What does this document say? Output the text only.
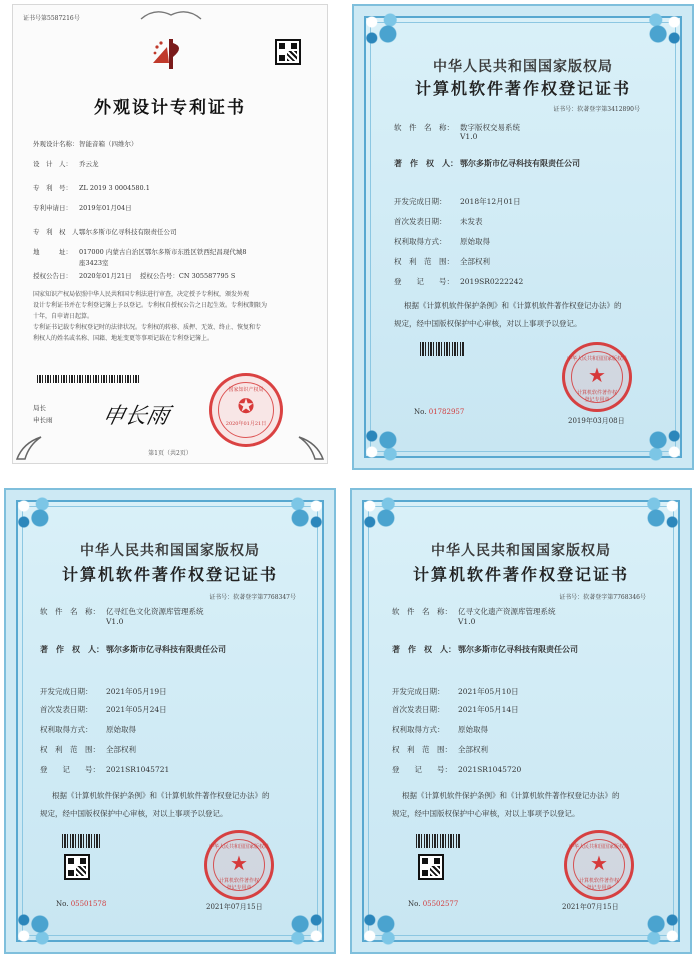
证书号第5587216号
外观设计专利证书
外观设计名称：智能音箱（四维尔）
设　计　人： 乔云龙
专　利　号： ZL 2019 3 0004580.1
专利申请日： 2019年01月04日
专　利　权　人：鄂尔多斯市亿寻科技有限责任公司
地　　　址： 017000 内蒙古自治区鄂尔多斯市东胜区铁西纪昌现代城8
座3423室
授权公告日： 2020年01月21日 授权公告号：CN 305587795 S
国家知识产权局依照中华人民共和国专利法进行审查，决定授予专利权，颁发外观
设计专利证书并在专利登记簿上予以登记。专利权自授权公告之日起生效。专利权期限为
十年，自申请日起算。
专利证书记载专利权登记时的法律状况。专利权的转移、质押、无效、终止、恢复和专
利权人的姓名或名称、国籍、地址变更等事项记载在专利登记簿上。
局长
申长雨 申长雨
国家知识产权局
✪
2020年01月21日
第1页（共2页）
中华人民共和国国家版权局
计算机软件著作权登记证书
证书号：软著登字第3412890号
软　件　名　称： 数字版权交易系统
V1.0
著　作　权　人： 鄂尔多斯市亿寻科技有限责任公司
开发完成日期： 2018年12月01日
首次发表日期： 未发表
权利取得方式： 原始取得
权　利　范　围： 全部权利
登　　记　　号： 2019SR0222242
根据《计算机软件保护条例》和《计算机软件著作权登记办法》的
规定，经中国版权保护中心审核，对以上事项予以登记。
中华人民共和国国家版权局
★
计算机软件著作权
登记专用章
No. 01782957
2019年03月08日
中华人民共和国国家版权局
计算机软件著作权登记证书
证书号：软著登字第7768347号
软　件　名　称： 亿寻红色文化资源库管理系统
V1.0
著　作　权　人： 鄂尔多斯市亿寻科技有限责任公司
开发完成日期： 2021年05月19日
首次发表日期： 2021年05月24日
权利取得方式： 原始取得
权　利　范　围： 全部权利
登　　记　　号： 2021SR1045721
根据《计算机软件保护条例》和《计算机软件著作权登记办法》的
规定，经中国版权保护中心审核，对以上事项予以登记。
中华人民共和国国家版权局
★
计算机软件著作权
登记专用章
No. 05501578	2021年07月15日
中华人民共和国国家版权局
计算机软件著作权登记证书
证书号：软著登字第7768346号
软　件　名　称： 亿寻文化遗产资源库管理系统
V1.0
著　作　权　人： 鄂尔多斯市亿寻科技有限责任公司
开发完成日期： 2021年05月10日
首次发表日期： 2021年05月14日
权利取得方式： 原始取得
权　利　范　围： 全部权利
登　　记　　号： 2021SR1045720
根据《计算机软件保护条例》和《计算机软件著作权登记办法》的
规定，经中国版权保护中心审核，对以上事项予以登记。
中华人民共和国国家版权局
★
计算机软件著作权
登记专用章
No. 05502577	2021年07月15日
